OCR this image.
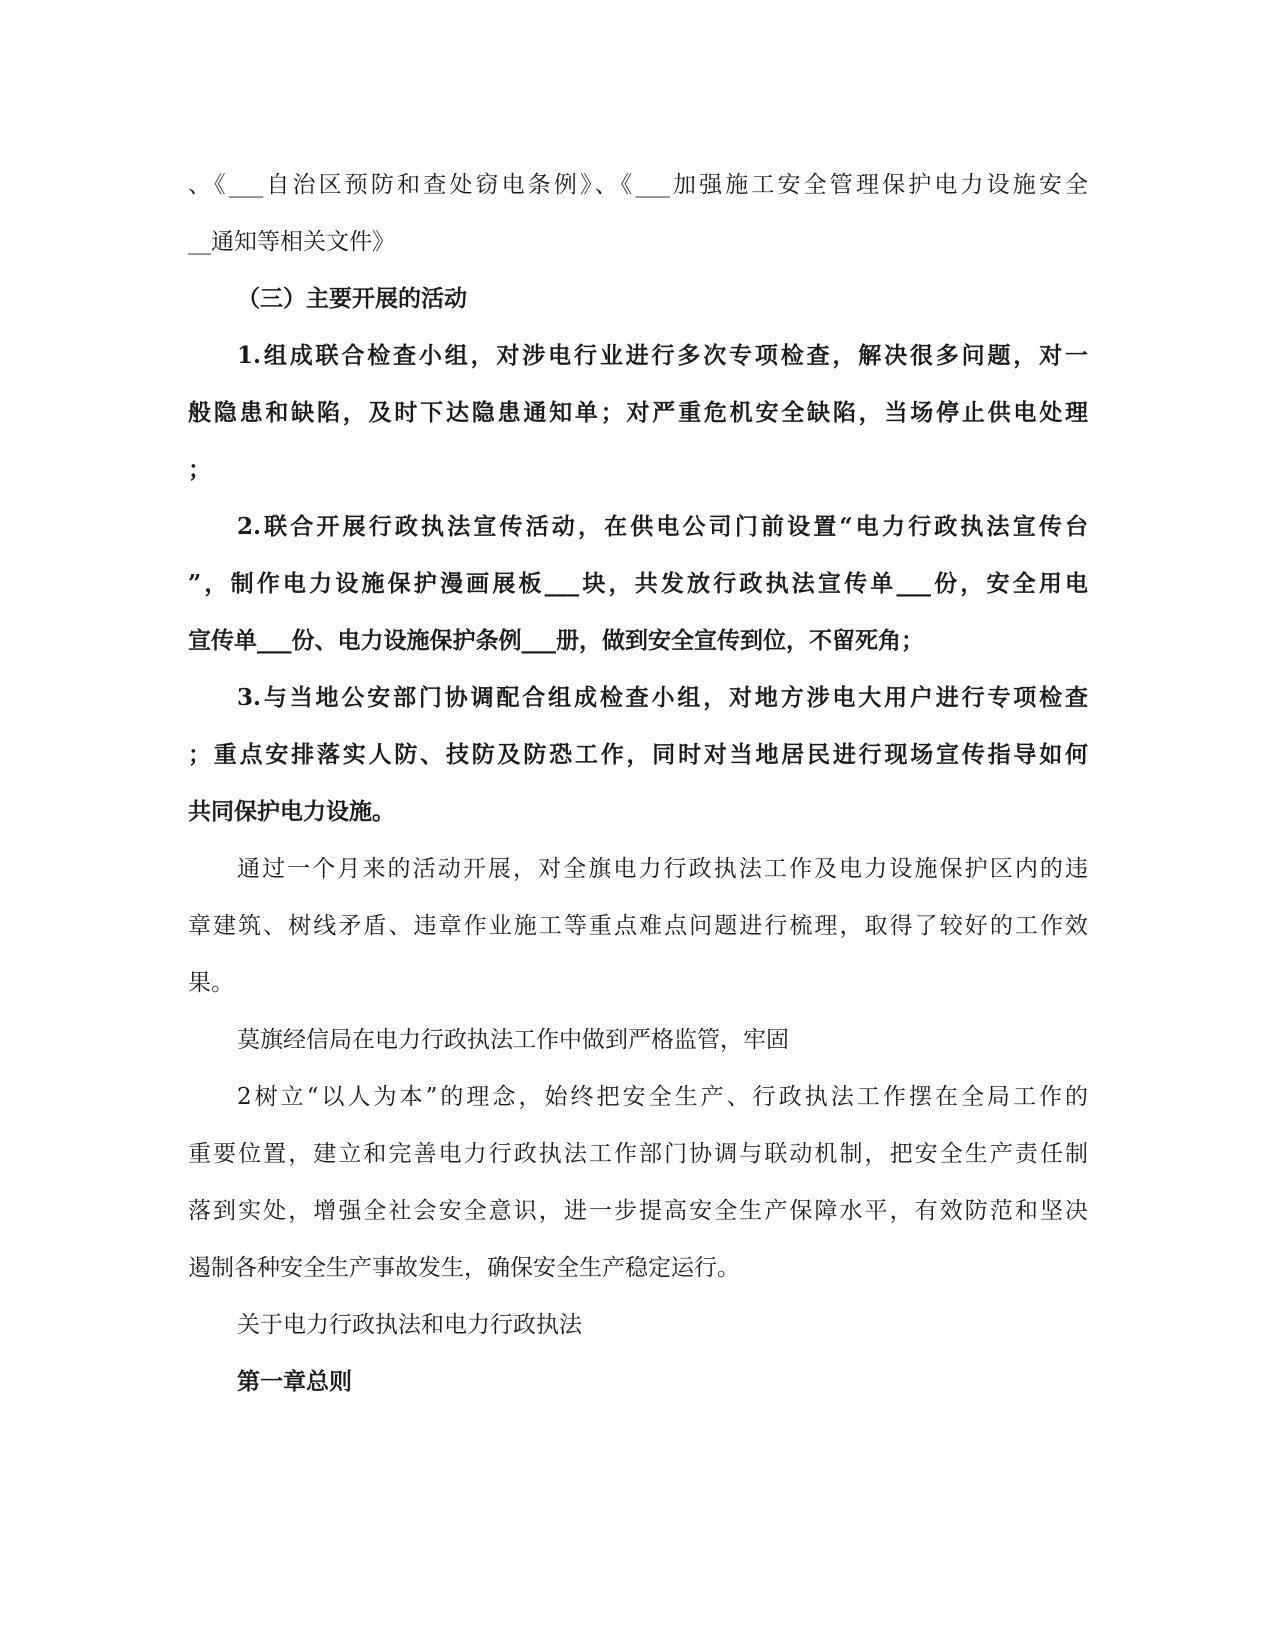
、《___自治区预防和查处窃电条例》、《___加强施工安全管理保护电力设施安全
__通知等相关文件》
（三）主要开展的活动
1.组成联合检查小组，对涉电行业进行多次专项检查，解决很多问题，对一
般隐患和缺陷，及时下达隐患通知单；对严重危机安全缺陷，当场停止供电处理
；
2.联合开展行政执法宣传活动，在供电公司门前设置“电力行政执法宣传台
”，制作电力设施保护漫画展板___块，共发放行政执法宣传单___份，安全用电
宣传单___份、电力设施保护条例___册，做到安全宣传到位，不留死角；
3.与当地公安部门协调配合组成检查小组，对地方涉电大用户进行专项检查
；重点安排落实人防、技防及防恐工作，同时对当地居民进行现场宣传指导如何
共同保护电力设施。
通过一个月来的活动开展，对全旗电力行政执法工作及电力设施保护区内的违
章建筑、树线矛盾、违章作业施工等重点难点问题进行梳理，取得了较好的工作效
果。
莫旗经信局在电力行政执法工作中做到严格监管，牢固
2树立“以人为本”的理念，始终把安全生产、行政执法工作摆在全局工作的
重要位置，建立和完善电力行政执法工作部门协调与联动机制，把安全生产责任制
落到实处，增强全社会安全意识，进一步提高安全生产保障水平，有效防范和坚决
遏制各种安全生产事故发生，确保安全生产稳定运行。
关于电力行政执法和电力行政执法
第一章总则
